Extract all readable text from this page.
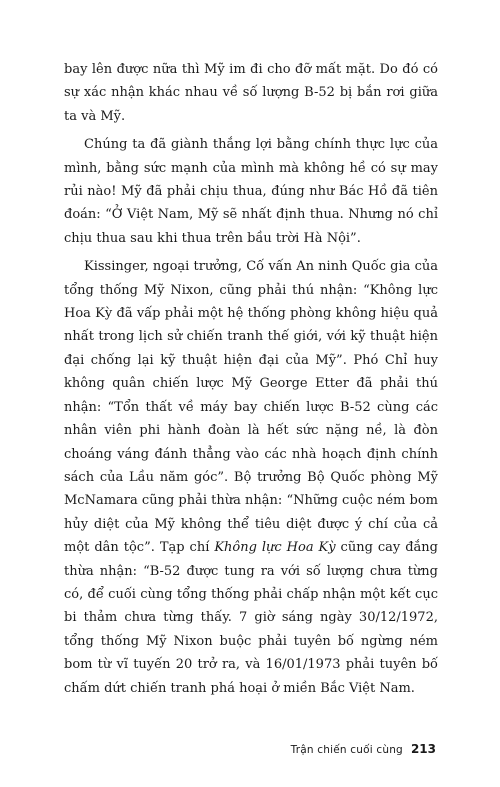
bay lên được nữa thì Mỹ im đi cho đỡ mất mặt. Do đó có sự xác nhận khác nhau về số lượng B-52 bị bắn rơi giữa ta và Mỹ.

Chúng ta đã giành thắng lợi bằng chính thực lực của mình, bằng sức mạnh của mình mà không hề có sự may rủi nào! Mỹ đã phải chịu thua, đúng như Bác Hồ đã tiên đoán: “Ở Việt Nam, Mỹ sẽ nhất định thua. Nhưng nó chỉ chịu thua sau khi thua trên bầu trời Hà Nội”.

Kissinger, ngoại trưởng, Cố vấn An ninh Quốc gia của tổng thống Mỹ Nixon, cũng phải thú nhận: “Không lực Hoa Kỳ đã vấp phải một hệ thống phòng không hiệu quả nhất trong lịch sử chiến tranh thế giới, với kỹ thuật hiện đại chống lại kỹ thuật hiện đại của Mỹ”. Phó Chỉ huy không quân chiến lược Mỹ George Etter đã phải thú nhận: “Tổn thất về máy bay chiến lược B-52 cùng các nhân viên phi hành đoàn là hết sức nặng nề, là đòn choáng váng đánh thẳng vào các nhà hoạch định chính sách của Lầu năm góc”. Bộ trưởng Bộ Quốc phòng Mỹ McNamara cũng phải thừa nhận: “Những cuộc ném bom hủy diệt của Mỹ không thể tiêu diệt được ý chí của cả một dân tộc”. Tạp chí Không lực Hoa Kỳ cũng cay đắng thừa nhận: “B-52 được tung ra với số lượng chưa từng có, để cuối cùng tổng thống phải chấp nhận một kết cục bi thảm chưa từng thấy. 7 giờ sáng ngày 30/12/1972, tổng thống Mỹ Nixon buộc phải tuyên bố ngừng ném bom từ vĩ tuyến 20 trở ra, và 16/01/1973 phải tuyên bố chấm dứt chiến tranh phá hoại ở miền Bắc Việt Nam.

Trận chiến cuối cùng 213
